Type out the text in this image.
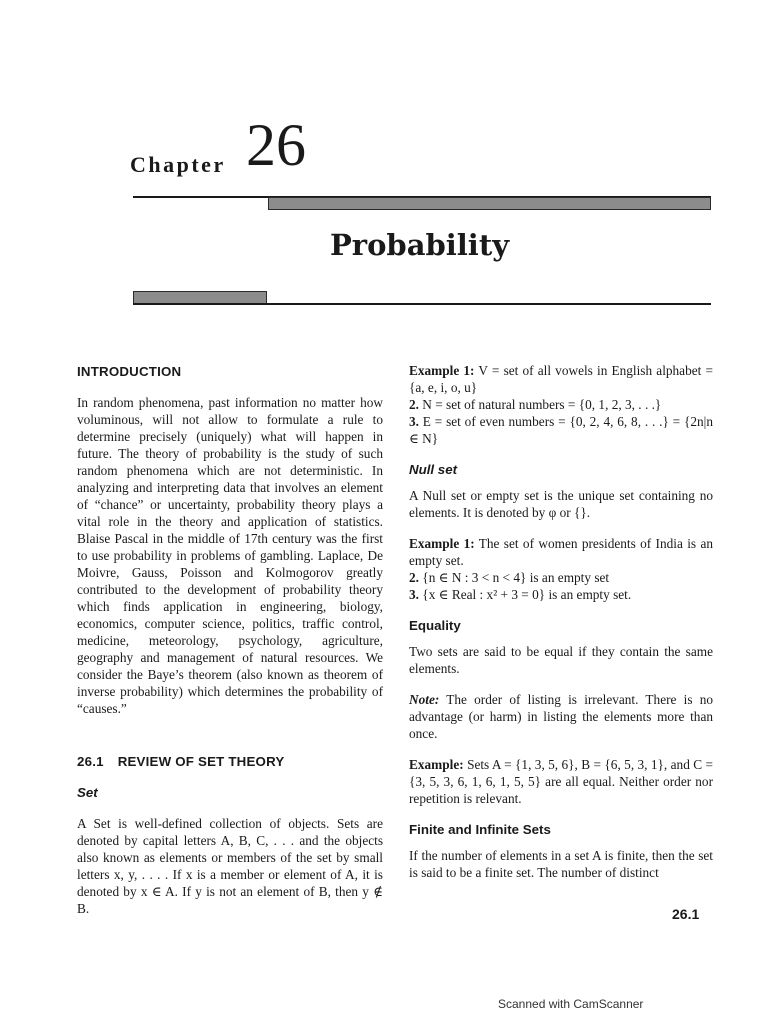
Chapter 26
Probability

INTRODUCTION

In random phenomena, past information no matter how voluminous, will not allow to formulate a rule to determine precisely (uniquely) what will happen in future. The theory of probability is the study of such random phenomena which are not deterministic. In analyzing and interpreting data that involves an element of “chance” or uncertainty, probability theory plays a vital role in the theory and application of statistics. Blaise Pascal in the middle of 17th century was the first to use probability in problems of gambling. Laplace, De Moivre, Gauss, Poisson and Kolmogorov greatly contributed to the development of probability theory which finds application in engineering, biology, economics, computer science, politics, traffic control, medicine, meteorology, psychology, agriculture, geography and management of natural resources. We consider the Baye’s theorem (also known as theorem of inverse probability) which determines the probability of “causes.”

26.1 REVIEW OF SET THEORY

Set

A Set is well-defined collection of objects. Sets are denoted by capital letters A, B, C, . . . and the objects also known as elements or members of the set by small letters x, y, . . . . If x is a member or element of A, it is denoted by x ∈ A. If y is not an element of B, then y ∉ B.

Example 1: V = set of all vowels in English alphabet = {a, e, i, o, u}

2. N = set of natural numbers = {0, 1, 2, 3, . . .}

3. E = set of even numbers = {0, 2, 4, 6, 8, . . .} = {2n|n ∈ N}

Null set

A Null set or empty set is the unique set containing no elements. It is denoted by φ or {}.

Example 1: The set of women presidents of India is an empty set.

2. {n ∈ N : 3 < n < 4} is an empty set

3. {x ∈ Real : x² + 3 = 0} is an empty set.

Equality

Two sets are said to be equal if they contain the same elements.

Note: The order of listing is irrelevant. There is no advantage (or harm) in listing the elements more than once.

Example: Sets A = {1, 3, 5, 6}, B = {6, 5, 3, 1}, and C = {3, 5, 3, 6, 1, 6, 1, 5, 5} are all equal. Neither order nor repetition is relevant.

Finite and Infinite Sets

If the number of elements in a set A is finite, then the set is said to be a finite set. The number of distinct

26.1
Scanned with CamScanner
